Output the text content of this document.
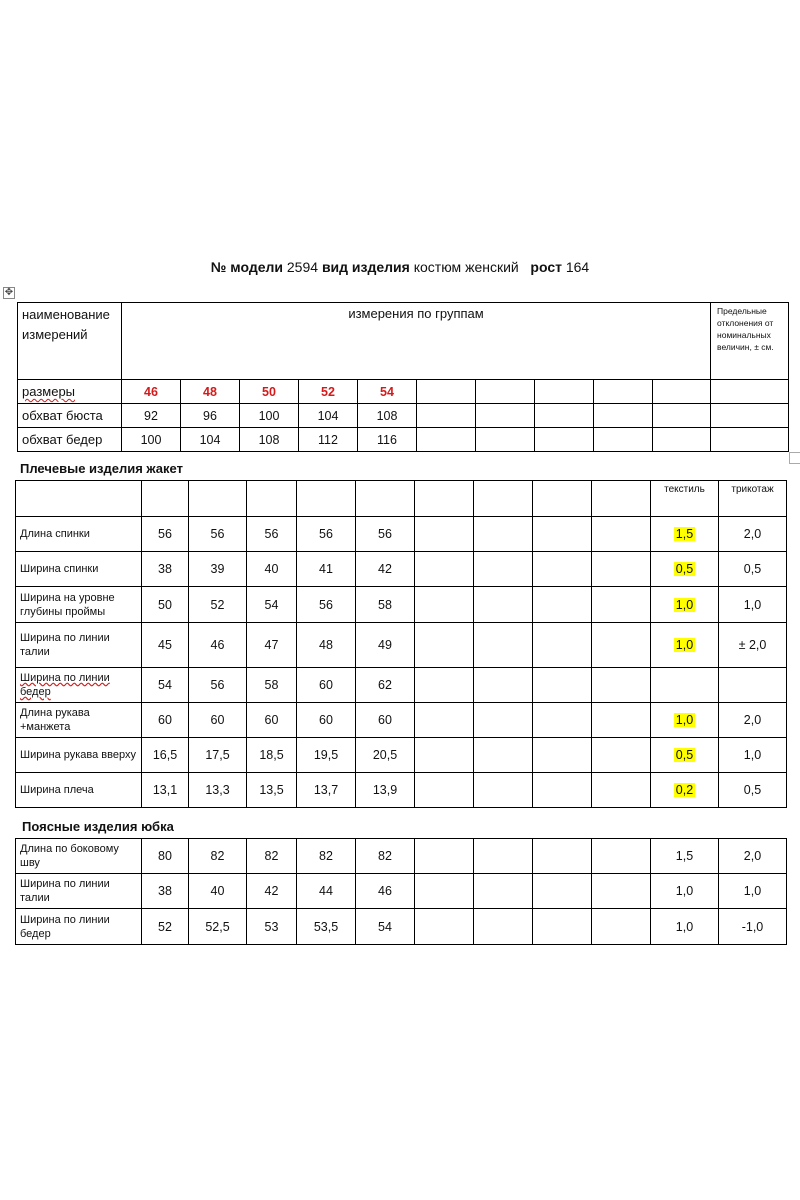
№ модели 2594 вид изделия костюм женский рост 164
✥
наименование измерений	измерения по группам										Предельные отклонения от номинальных величин, ± см.
размеры	46	48	50	52	54						
обхват бюста	92	96	100	104	108						
обхват бедер	100	104	108	112	116						
Плечевые изделия жакет
										текстиль	трикотаж
Длина спинки	56	56	56	56	56					1,5	2,0
Ширина спинки	38	39	40	41	42					0,5	0,5
Ширина на уровне глубины проймы	50	52	54	56	58					1,0	1,0
Ширина по линии талии	45	46	47	48	49					1,0	± 2,0
Ширина по линии бедер	54	56	58	60	62						
Длина рукава +манжета	60	60	60	60	60					1,0	2,0
Ширина рукава вверху	16,5	17,5	18,5	19,5	20,5					0,5	1,0
Ширина плеча	13,1	13,3	13,5	13,7	13,9					0,2	0,5
Поясные изделия юбка
Длина по боковому шву	80	82	82	82	82					1,5	2,0
Ширина по линии талии	38	40	42	44	46					1,0	1,0
Ширина по линии бедер	52	52,5	53	53,5	54					1,0	-1,0
